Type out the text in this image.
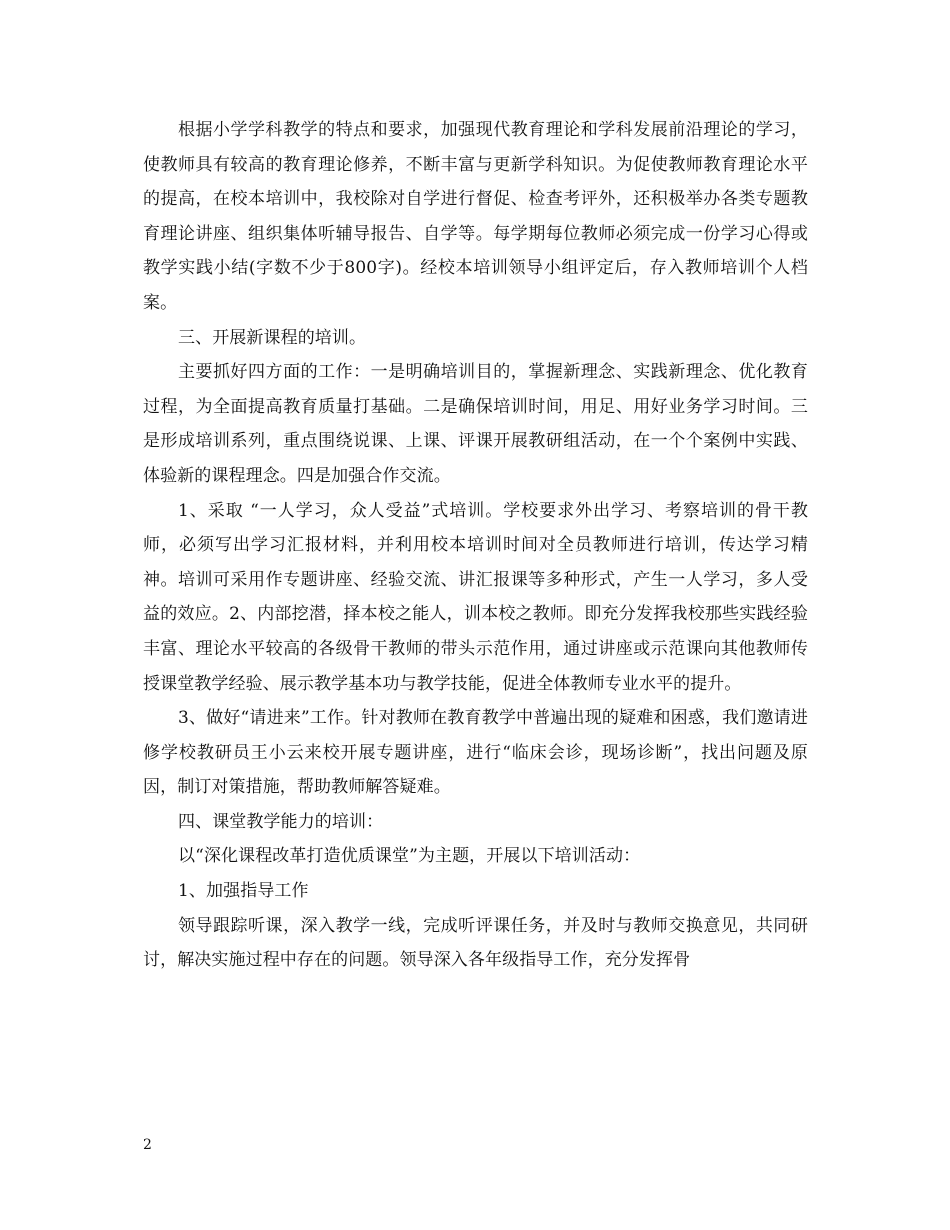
根据小学学科教学的特点和要求，加强现代教育理论和学科发展前沿理论的学习，使教师具有较高的教育理论修养，不断丰富与更新学科知识。为促使教师教育理论水平的提高，在校本培训中，我校除对自学进行督促、检查考评外，还积极举办各类专题教育理论讲座、组织集体听辅导报告、自学等。每学期每位教师必须完成一份学习心得或教学实践小结(字数不少于800字)。经校本培训领导小组评定后，存入教师培训个人档案。

三、开展新课程的培训。

主要抓好四方面的工作：一是明确培训目的，掌握新理念、实践新理念、优化教育过程，为全面提高教育质量打基础。二是确保培训时间，用足、用好业务学习时间。三是形成培训系列，重点围绕说课、上课、评课开展教研组活动，在一个个案例中实践、体验新的课程理念。四是加强合作交流。

1、采取 “一人学习，众人受益”式培训。学校要求外出学习、考察培训的骨干教师，必须写出学习汇报材料，并利用校本培训时间对全员教师进行培训，传达学习精神。培训可采用作专题讲座、经验交流、讲汇报课等多种形式，产生一人学习，多人受益的效应。2、内部挖潜，择本校之能人，训本校之教师。即充分发挥我校那些实践经验丰富、理论水平较高的各级骨干教师的带头示范作用，通过讲座或示范课向其他教师传授课堂教学经验、展示教学基本功与教学技能，促进全体教师专业水平的提升。

3、做好“请进来”工作。针对教师在教育教学中普遍出现的疑难和困惑，我们邀请进修学校教研员王小云来校开展专题讲座，进行“临床会诊，现场诊断”，找出问题及原因，制订对策措施，帮助教师解答疑难。

四、课堂教学能力的培训：

以“深化课程改革打造优质课堂”为主题，开展以下培训活动：

1、加强指导工作

领导跟踪听课，深入教学一线，完成听评课任务，并及时与教师交换意见，共同研讨，解决实施过程中存在的问题。领导深入各年级指导工作，充分发挥骨

2
